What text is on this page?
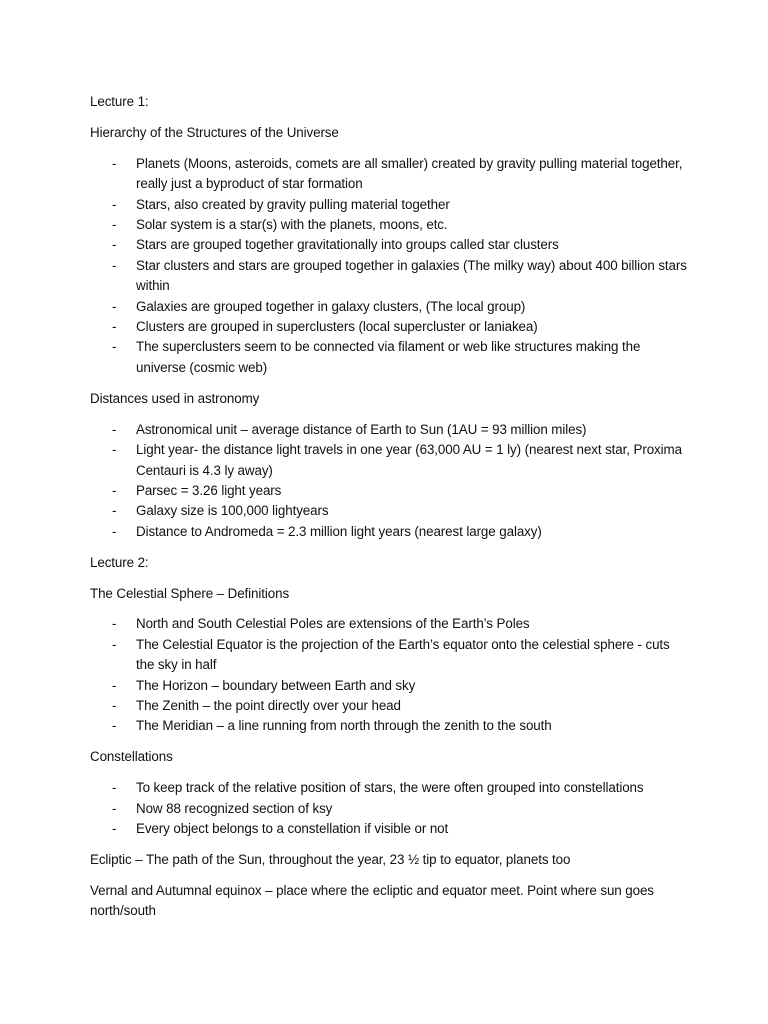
Lecture 1:

Hierarchy of the Structures of the Universe

- Planets (Moons, asteroids, comets are all smaller) created by gravity pulling material together, really just a byproduct of star formation
- Stars, also created by gravity pulling material together
- Solar system is a star(s) with the planets, moons, etc.
- Stars are grouped together gravitationally into groups called star clusters
- Star clusters and stars are grouped together in galaxies (The milky way) about 400 billion stars within
- Galaxies are grouped together in galaxy clusters, (The local group)
- Clusters are grouped in superclusters (local supercluster or laniakea)
- The superclusters seem to be connected via filament or web like structures making the universe (cosmic web)

Distances used in astronomy

- Astronomical unit – average distance of Earth to Sun (1AU = 93 million miles)
- Light year- the distance light travels in one year (63,000 AU = 1 ly) (nearest next star, Proxima Centauri is 4.3 ly away)
- Parsec = 3.26 light years
- Galaxy size is 100,000 lightyears
- Distance to Andromeda = 2.3 million light years (nearest large galaxy)

Lecture 2:

The Celestial Sphere – Definitions

- North and South Celestial Poles are extensions of the Earth’s Poles
- The Celestial Equator is the projection of the Earth’s equator onto the celestial sphere - cuts the sky in half
- The Horizon – boundary between Earth and sky
- The Zenith – the point directly over your head
- The Meridian – a line running from north through the zenith to the south

Constellations

- To keep track of the relative position of stars, the were often grouped into constellations
- Now 88 recognized section of ksy
- Every object belongs to a constellation if visible or not

Ecliptic – The path of the Sun, throughout the year, 23 ½ tip to equator, planets too

Vernal and Autumnal equinox – place where the ecliptic and equator meet. Point where sun goes north/south
